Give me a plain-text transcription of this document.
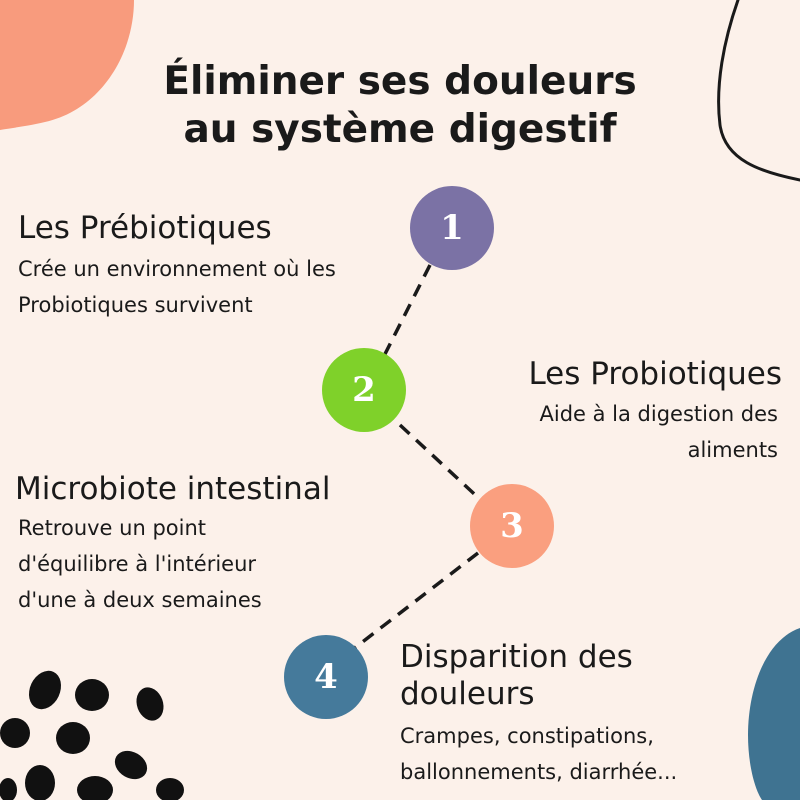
Éliminer ses douleurs
au système digestif
1
2
3
4
Les Prébiotiques
Crée un environnement où les
Probiotiques survivent
Les Probiotiques
Aide à la digestion des
aliments
Microbiote intestinal
Retrouve un point
d'équilibre à l'intérieur
d'une à deux semaines
Disparition des
douleurs
Crampes, constipations,
ballonnements, diarrhée...
